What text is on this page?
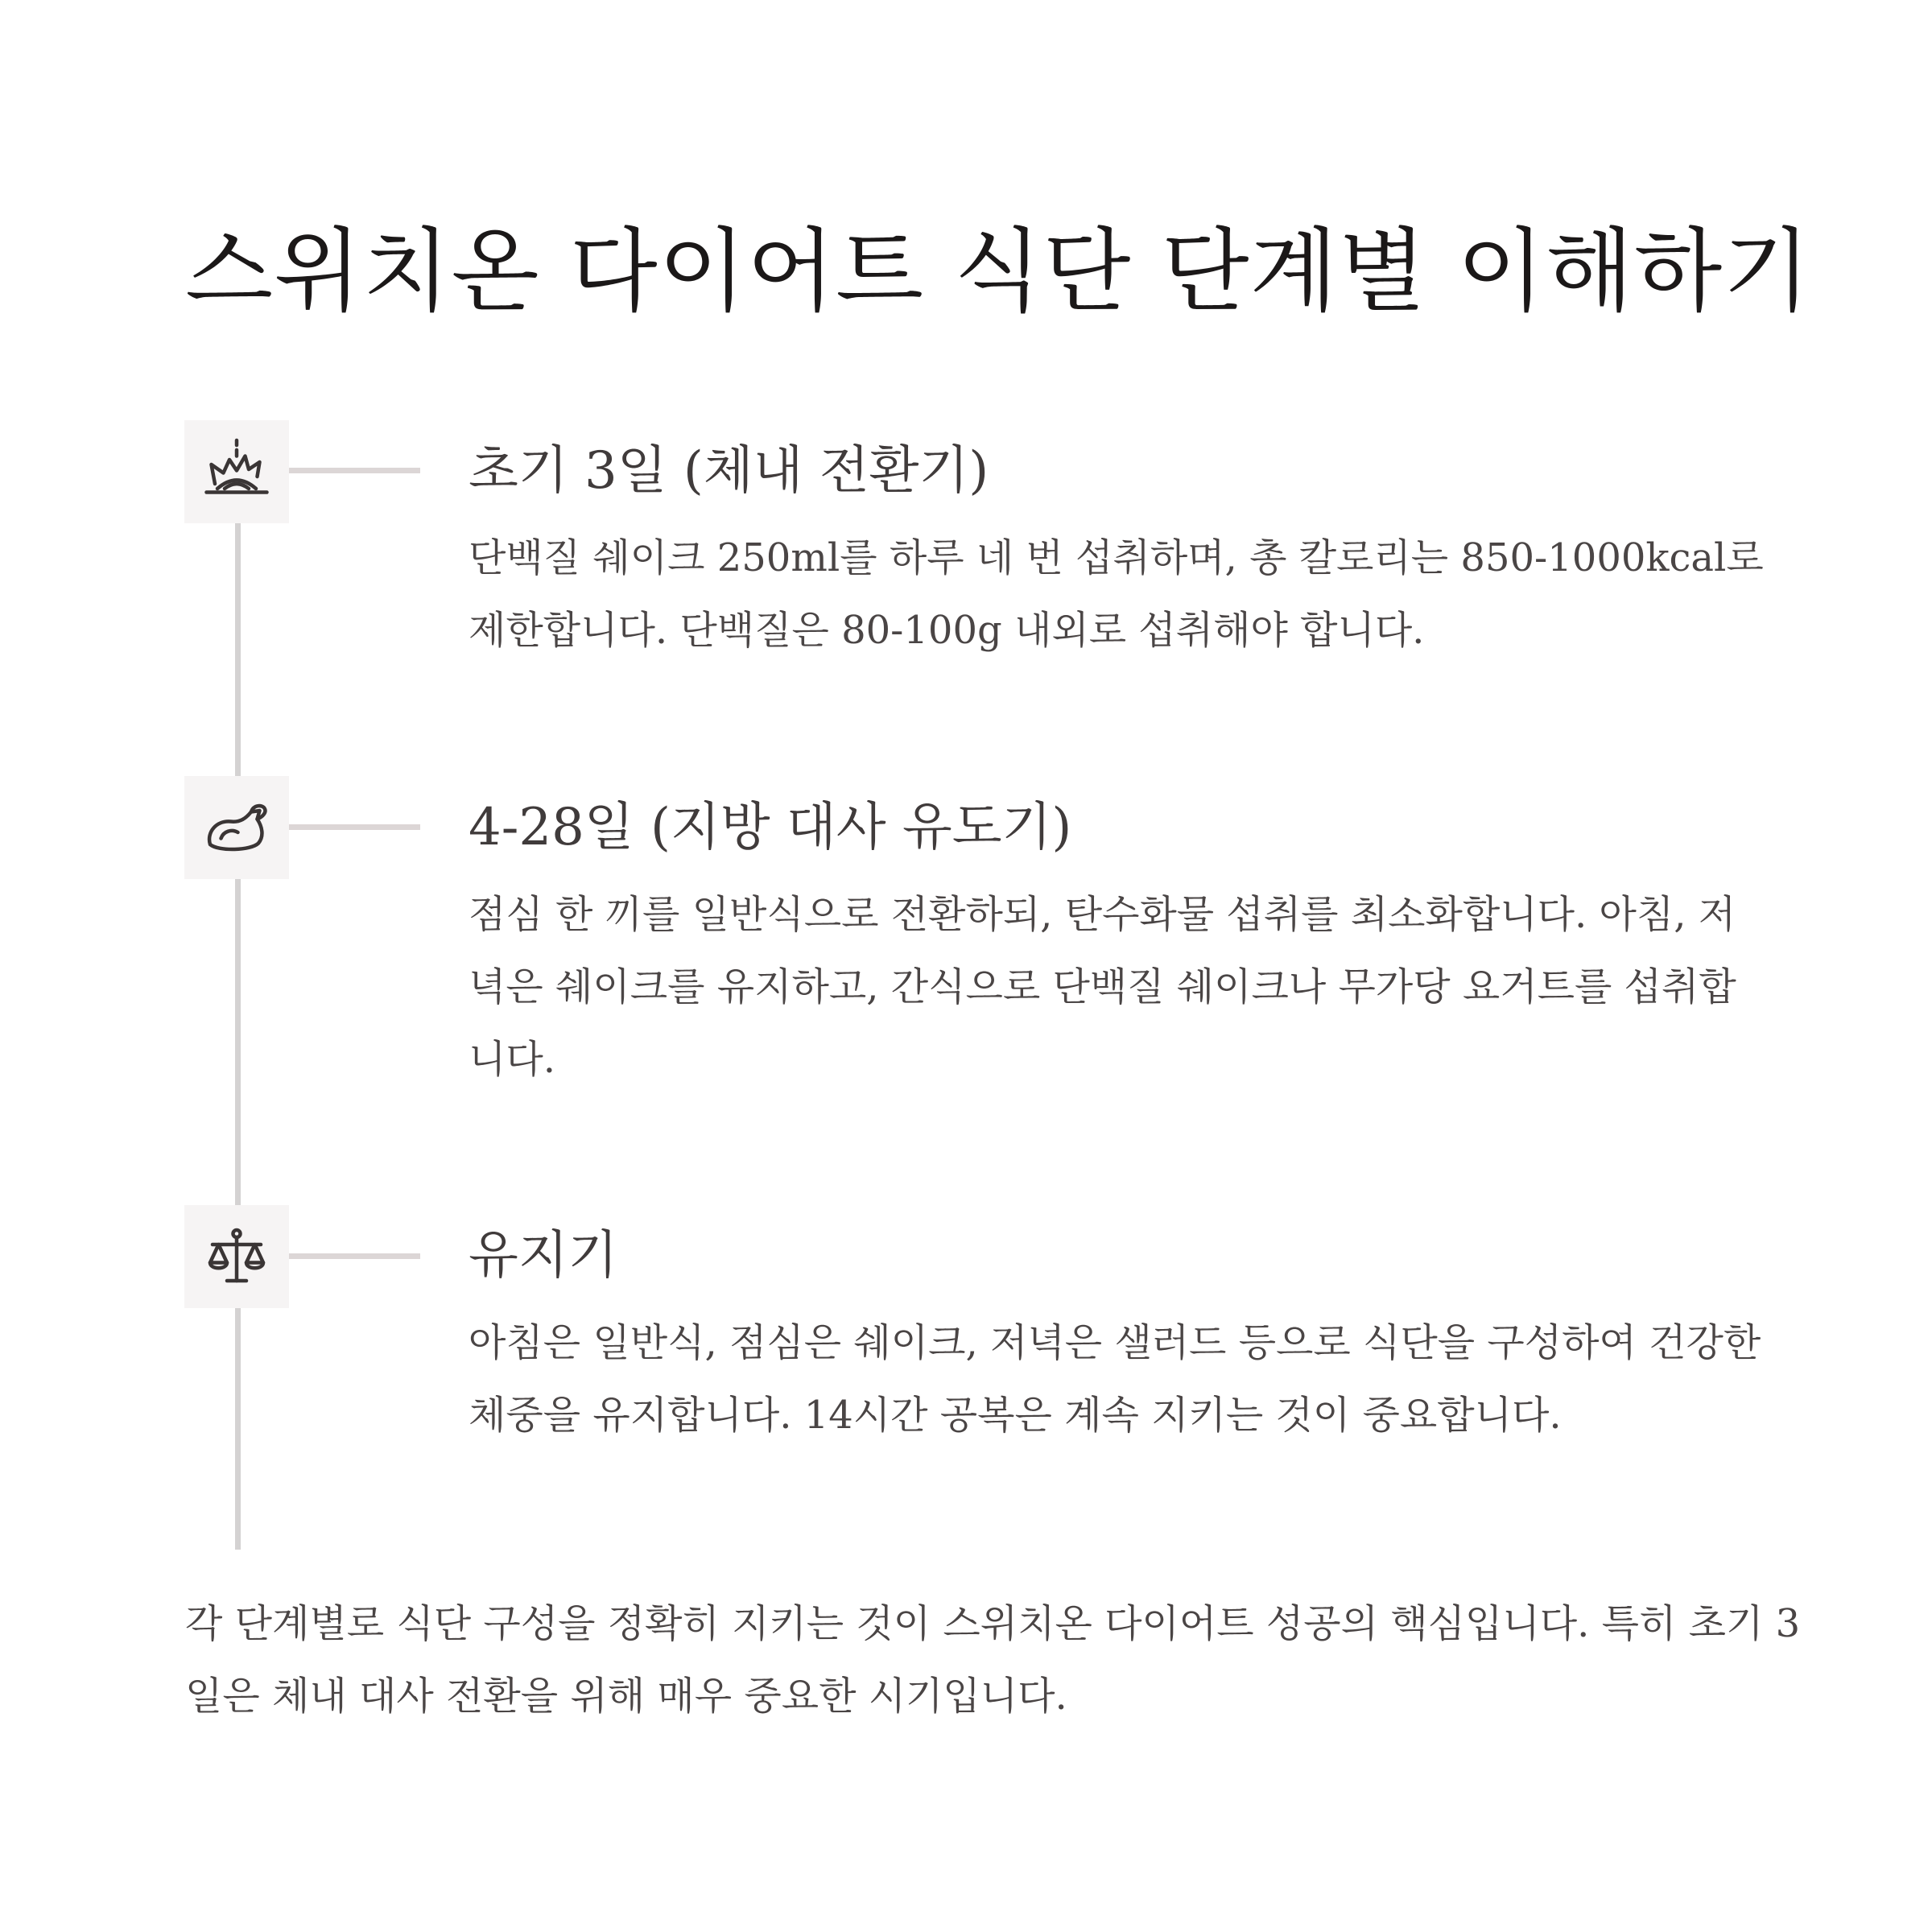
스위치온 다이어트 식단 단계별 이해하기
초기 3일 (체내 전환기)

단백질 쉐이크 250ml를 하루 네 번 섭취하며, 총 칼로리는 850-1000kcal로 제한합니다. 단백질은 80-100g 내외로 섭취해야 합니다.

4-28일 (지방 대사 유도기)

점심 한 끼를 일반식으로 전환하되, 탄수화물 섭취를 최소화합니다. 아침, 저녁은 쉐이크를 유지하고, 간식으로 단백질 쉐이크나 무가당 요거트를 섭취합니다.

유지기

아침은 일반식, 점심은 쉐이크, 저녁은 샐러드 등으로 식단을 구성하여 건강한 체중을 유지합니다. 14시간 공복은 계속 지키는 것이 중요합니다.

각 단계별로 식단 구성을 정확히 지키는 것이 스위치온 다이어트 성공의 핵심입니다. 특히 초기 3일은 체내 대사 전환을 위해 매우 중요한 시기입니다.
